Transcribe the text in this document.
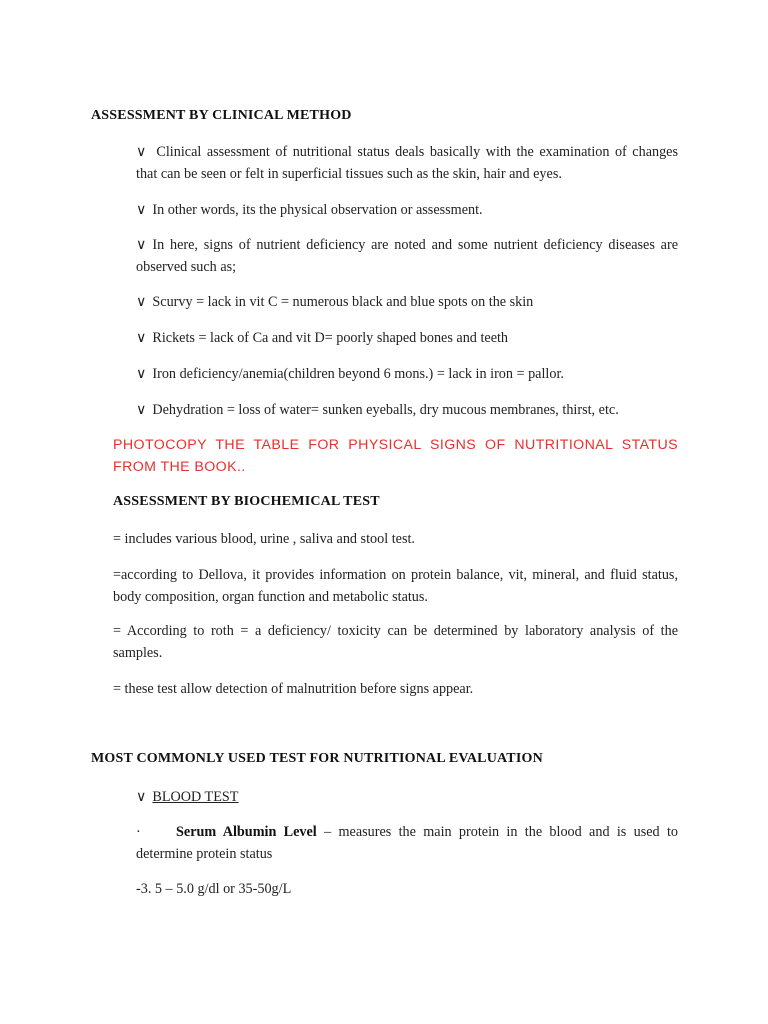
ASSESSMENT BY CLINICAL METHOD

∨ Clinical assessment of nutritional status deals basically with the examination of changes that can be seen or felt in superficial tissues such as the skin, hair and eyes.

∨ In other words, its the physical observation or assessment.

∨ In here, signs of nutrient deficiency are noted and some nutrient deficiency diseases are observed such as;

∨ Scurvy = lack in vit C = numerous black and blue spots on the skin

∨ Rickets = lack of Ca and vit D= poorly shaped bones and teeth

∨ Iron deficiency/anemia(children beyond 6 mons.) = lack in iron = pallor.

∨ Dehydration = loss of water= sunken eyeballs, dry mucous membranes, thirst, etc.

PHOTOCOPY THE TABLE FOR PHYSICAL SIGNS OF NUTRITIONAL STATUS FROM THE BOOK..

ASSESSMENT BY BIOCHEMICAL TEST

= includes various blood, urine , saliva and stool test.

=according to Dellova, it provides information on protein balance, vit, mineral, and fluid status, body composition, organ function and metabolic status.

= According to roth = a deficiency/ toxicity can be determined by laboratory analysis of the samples.

= these test allow detection of malnutrition before signs appear.

MOST COMMONLY USED TEST FOR NUTRITIONAL EVALUATION

∨ BLOOD TEST

· Serum Albumin Level – measures the main protein in the blood and is used to determine protein status

-3. 5 – 5.0 g/dl or 35-50g/L
